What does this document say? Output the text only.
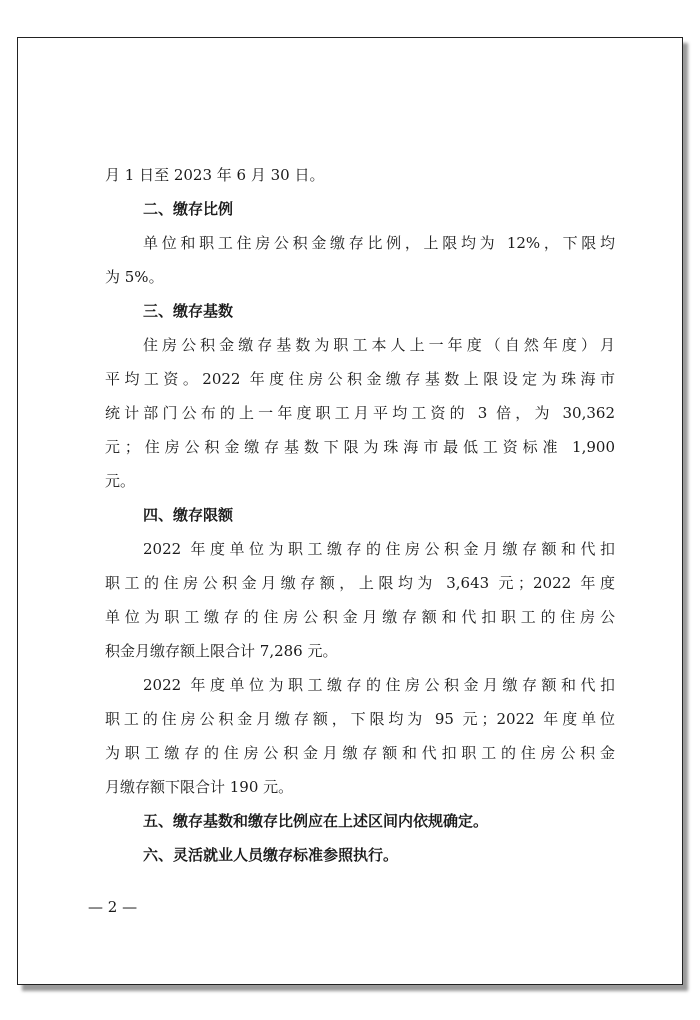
月 1 日至 2023 年 6 月 30 日。
二、缴存比例
单位和职工住房公积金缴存比例，上限均为 12%，下限均
为 5%。
三、缴存基数
住房公积金缴存基数为职工本人上一年度（自然年度）月
平均工资。2022 年度住房公积金缴存基数上限设定为珠海市
统计部门公布的上一年度职工月平均工资的 3 倍，为 30,362
元；住房公积金缴存基数下限为珠海市最低工资标准 1,900
元。
四、缴存限额
2022 年度单位为职工缴存的住房公积金月缴存额和代扣
职工的住房公积金月缴存额，上限均为 3,643 元；2022 年度
单位为职工缴存的住房公积金月缴存额和代扣职工的住房公
积金月缴存额上限合计 7,286 元。
2022 年度单位为职工缴存的住房公积金月缴存额和代扣
职工的住房公积金月缴存额，下限均为 95 元；2022 年度单位
为职工缴存的住房公积金月缴存额和代扣职工的住房公积金
月缴存额下限合计 190 元。
五、缴存基数和缴存比例应在上述区间内依规确定。
六、灵活就业人员缴存标准参照执行。
— 2 —
